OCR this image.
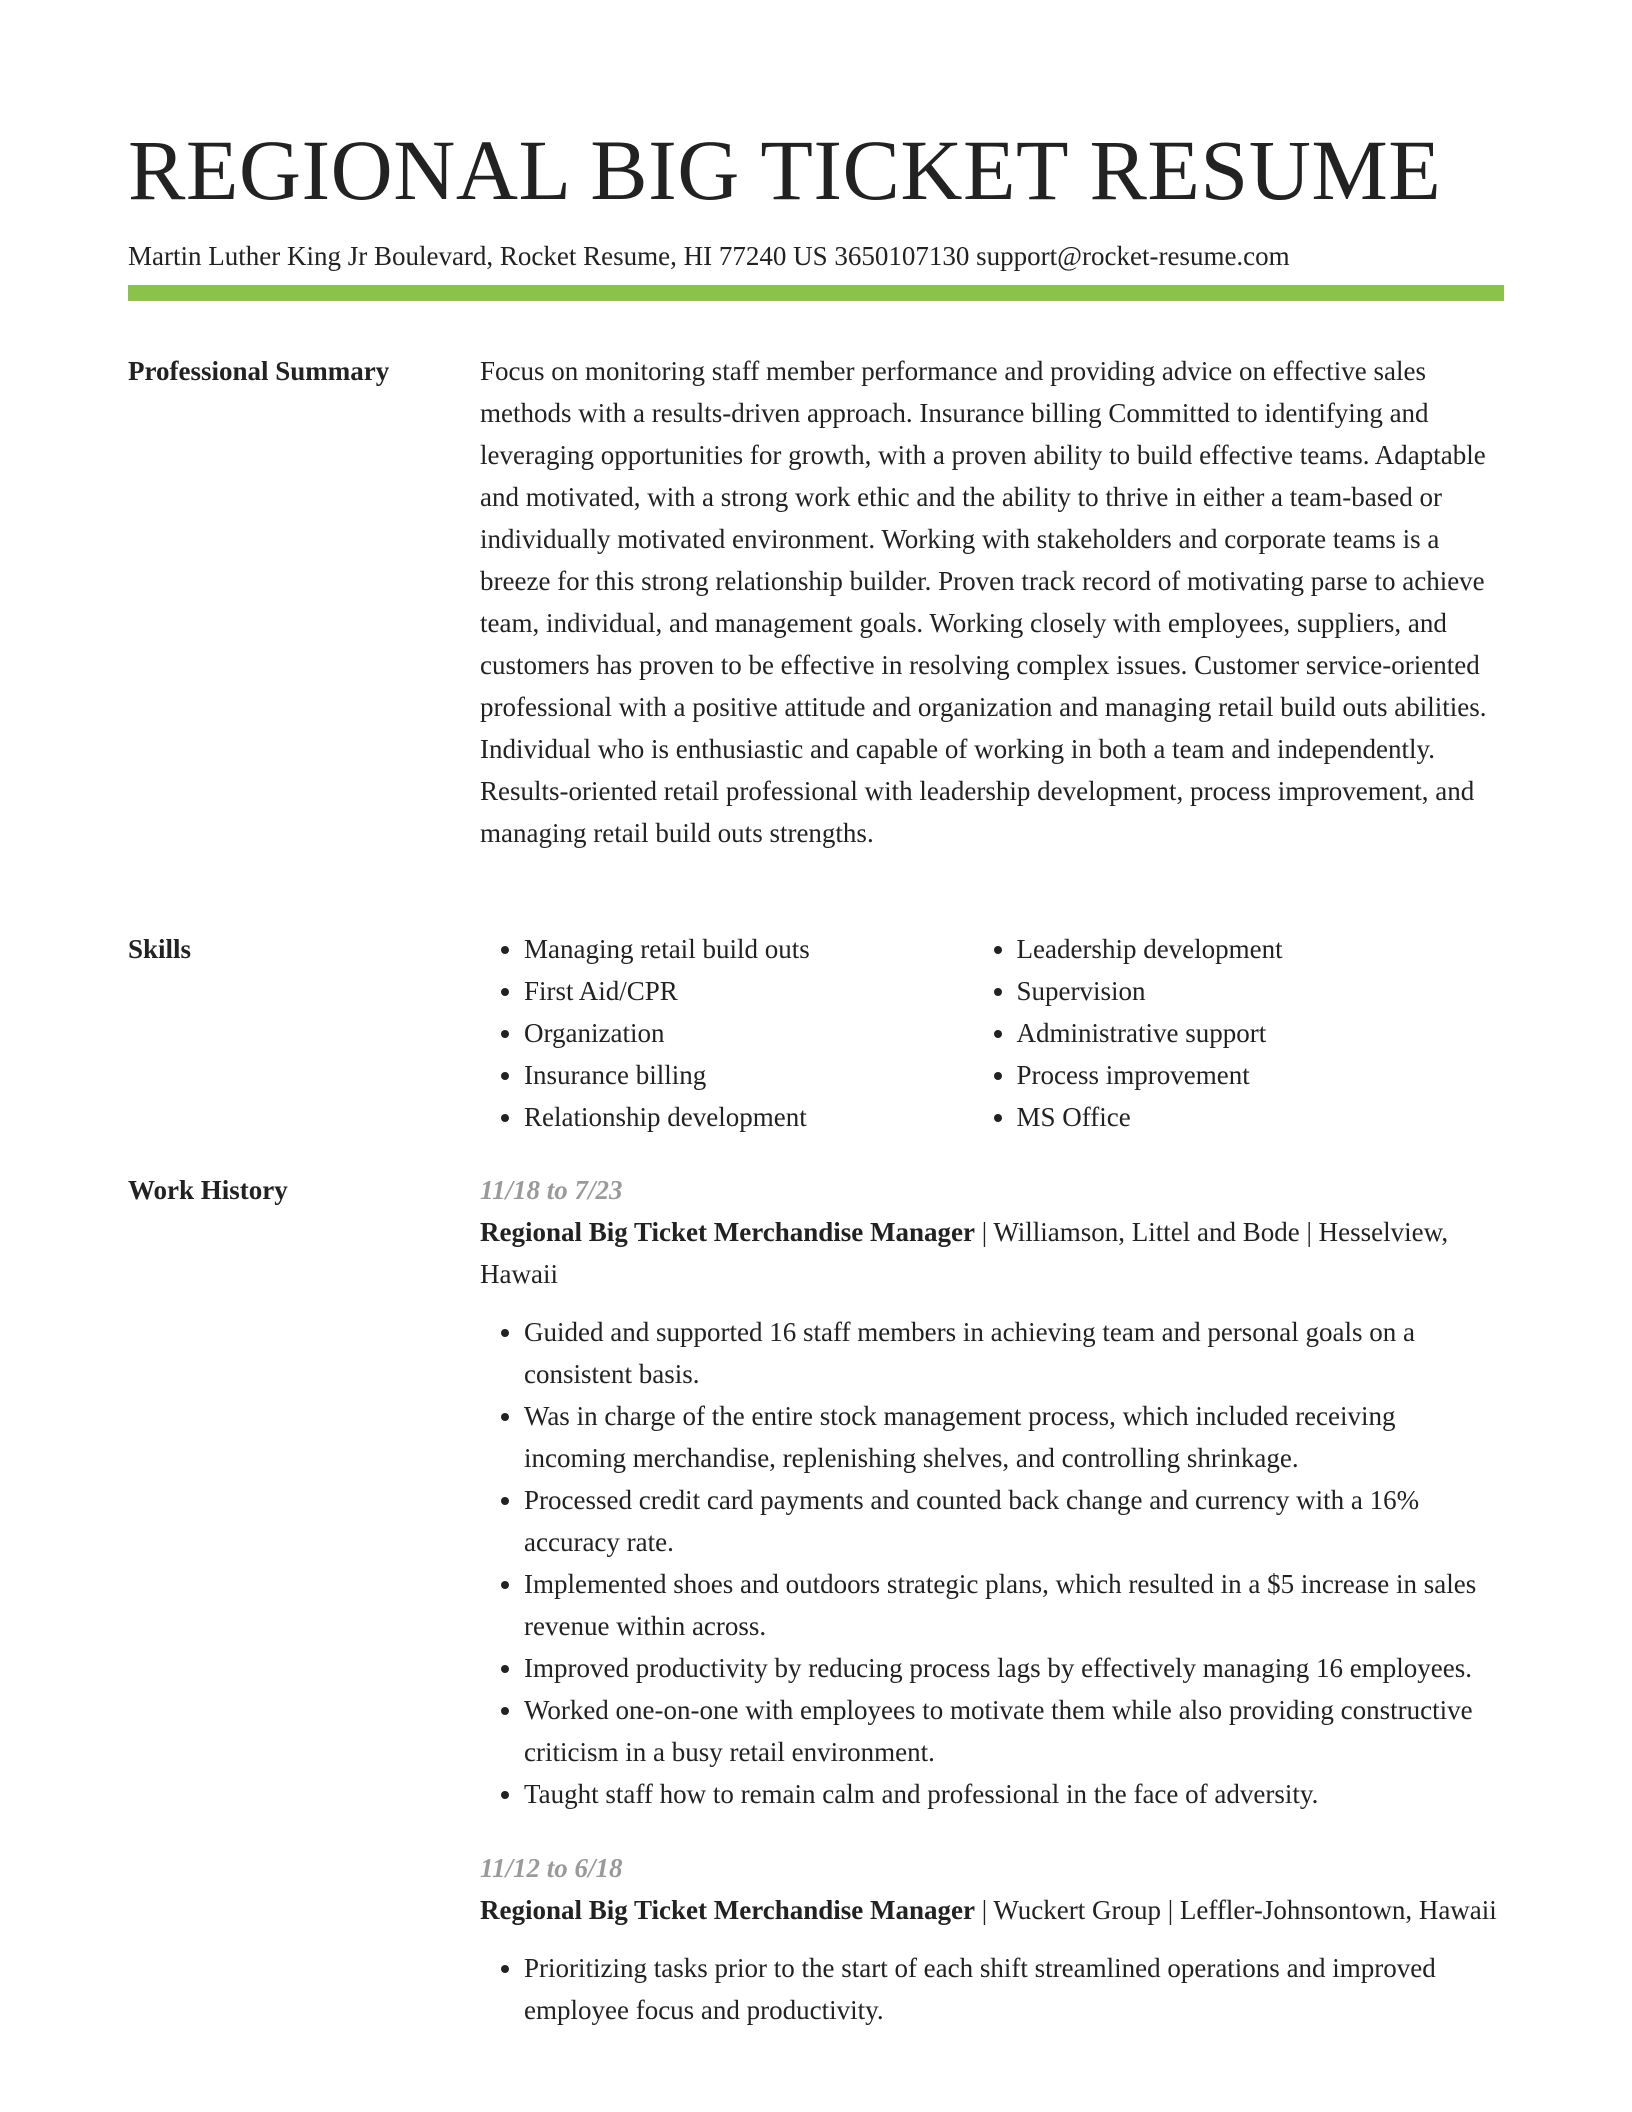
REGIONAL BIG TICKET RESUME
Martin Luther King Jr Boulevard, Rocket Resume, HI 77240 US 3650107130 support@rocket-resume.com
Professional Summary	Focus on monitoring staff member performance and providing advice on effective sales methods with a results-driven approach. Insurance billing Committed to identifying and leveraging opportunities for growth, with a proven ability to build effective teams. Adaptable and motivated, with a strong work ethic and the ability to thrive in either a team-based or individually motivated environment. Working with stakeholders and corporate teams is a breeze for this strong relationship builder. Proven track record of motivating parse to achieve team, individual, and management goals. Working closely with employees, suppliers, and customers has proven to be effective in resolving complex issues. Customer service-oriented professional with a positive attitude and organization and managing retail build outs abilities. Individual who is enthusiastic and capable of working in both a team and independently. Results-oriented retail professional with leadership development, process improvement, and managing retail build outs strengths.

Skills
•	Managing retail build outs
• First Aid/CPR
• Organization
• Insurance billing
• Relationship development
• Leadership development
• Supervision
• Administrative support
• Process improvement
• MS Office
Work History	11/18 to 7/23
Regional Big Ticket Merchandise Manager | Williamson, Littel and Bode | Hesselview, Hawaii
• Guided and supported 16 staff members in achieving team and personal goals on a consistent basis.
• Was in charge of the entire stock management process, which included receiving incoming merchandise, replenishing shelves, and controlling shrinkage.
• Processed credit card payments and counted back change and currency with a 16% accuracy rate.
• Implemented shoes and outdoors strategic plans, which resulted in a $5 increase in sales revenue within across.
• Improved productivity by reducing process lags by effectively managing 16 employees.
• Worked one-on-one with employees to motivate them while also providing constructive criticism in a busy retail environment.
• Taught staff how to remain calm and professional in the face of adversity.
11/12 to 6/18
Regional Big Ticket Merchandise Manager | Wuckert Group | Leffler-Johnsontown, Hawaii
• Prioritizing tasks prior to the start of each shift streamlined operations and improved employee focus and productivity.
